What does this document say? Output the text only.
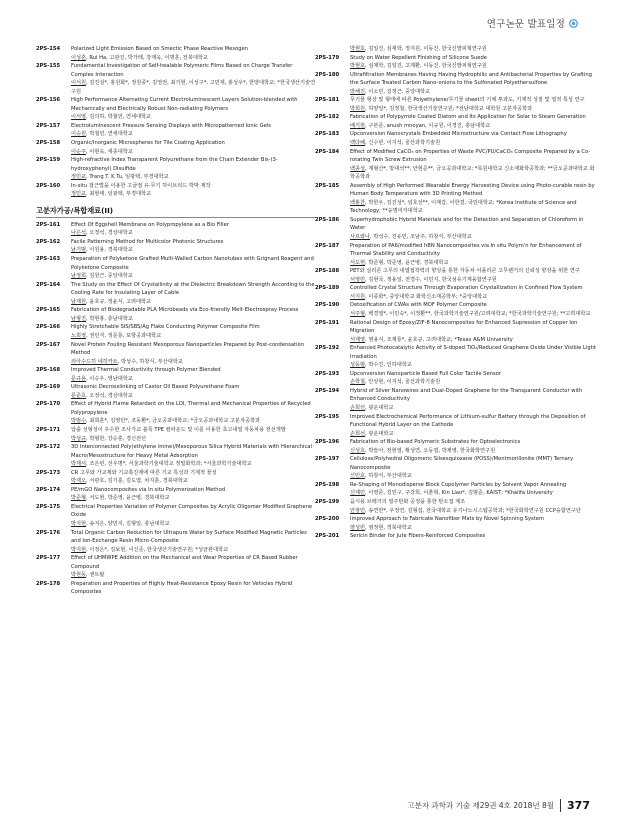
연구논문 발표일정
2PS-154	Polarized Light Emission Based on Smectic Phase Reactive Mesogen
이성훈, Rui Ha, 고관진, 박가레, 강재욱, 이명훈, 전북대학교
2PS-155	Fundamental Investigation of Self-healable Polymeric Films Based on Charge Transfer Complex Interaction
이서원, 김진실*, 홍원화*, 정원종*, 김영권, 최기현, 이성구*, 고민재, 홍성우*, 한양대학교; *한국생산기술연구원
2PS-156	High Performance Alternating Current Electroluminescent Layers Solution-blended with Mechanically and Electrically Robust Non-radiating Polymers
이서영, 김의하, 박철민, 연세대학교
2PS-157	Electroluminescent Pressure Sensing Displays with Micropatterned Ionic Gels
이승원, 박철민, 연세대학교
2PS-158	Organic/Inorganic Microspheres for Tile Coating Application
이순주, 이현욱, 세종대학교
2PS-159	High-refractive Index Transparent Polyurethane from the Chain Extender Bis-(3-hydroxyphenyl) Disulfide
정민교, Trang T. K Tu, 임광택, 부경대학교
2PS-160	In-situ 접근법을 이용한 고굴절 유·무기 하이브리드 박막 제작
정민교, 최현태, 임광택, 부경대학교
고분자가공/복합재료(II)
2PS-161	Effect Of Eggshell Membrane on Polypropylene as a Bio Filler
나은석, 오정석, 경상대학교
2PS-162	Facile Patterning Method for Multicolor Photonic Structures
남기범, 이원용, 경북대학교
2PS-163	Preparation of Polyketone Grafted Multi-Walled Carbon Nanotubes with Grignard Reagent and Polyketone Composite
남정희, 김원근, 중앙대학교
2PS-164	The Study on the Effect Of Crystallinity at the Dielectric Breakdown Strength According to the Cooling Rate for Insulating Layer of Cable
남재원, 윤호규, 정윤식, 고려대학교
2PS-165	Fabrication of Biodegradable PLA Microbeads via Eco-friendly Melt-Electrospray Process
남형진, 박현홍, 충남대학교
2PS-166	Highly Stretchable SIS/SBS/Ag Flake Conducting Polymer Composite Film
노희정, 권민식, 정문룡, 포항공과대학교
2PS-167	Novel Protein Fouling Resistant Mesoporous Nanoparticles Prepared by Post-condensation Method
리아수드히 네히카트, 박성수, 하창식, 부산대학교
2PS-168	Improved Thermal Conductivity through Polymer Blended
문규용, 이승우, 영남대학교
2PS-169	Ultrasonic Decrosslinking of Castor Oil Based Polyurethane Foam
문준호, 오정석, 경상대학교
2PS-170	Effect of Hybrid Flame Retardant on the LOI, Thermal and Mechanical Properties of Recycled Polypropylene
박범수, 최희훈*, 김영민*, 조동환*, 금오공과대학교; *금오공과대학교 고분자공학과
2PS-171	압출 성형성이 우수한 조사가교 블록 TPE 컴파운드 및 이를 이용한 초고내열 자동차용 전선개발
박성규, 박형한, 강승훈, 경신전선
2PS-172	3D Interconnected Poly(ethylene imine)/Mesoporous Silica Hybrid Materials with Hierarchical Macro/Mesostructure for Heavy Metal Adsorption
박재서, 조은빈, 선우명*, 서울과학기술대학교 정밀화학과; *서울과학기술대학교
2PS-173	CR 고무와 가교제와 기교촉진제에 따른 기교 특성과 기계적 물성
박재오, 서관호, 김기훈, 김도엽, 차지훈, 경북대학교
2PS-174	PE/mGO Nanocomposites via In situ Polymerization Method
박준형, 서도현, 박준영, 윤근병, 경북대학교
2PS-175	Electrical Properties Variation of Polymer Composites by Acrylic Oligomer Modified Graphene Oxide
박지현, 송지은, 양민지, 김형일, 충남대학교
2PS-176	Total Organic Carbon Reduction for Ultrapure Water by Surface Modified Magnetic Particles and Ion-Exchange Resin Micro-Composite
박지현, 이정은*, 김보현, 이신준, 한국생산기술연구원; *성균관대학교
2PS-177	Effect of UHMWPE Addition on the Mechanical and Wear Properties of CR Based Rubber Compound
박현동, 센트랄
2PS-178	Preparation and Properties of Highly Heat-Resistance Epoxy Resin for Vehicles Hybrid Composites
박현호, 김일진, 심재학, 정지원, 이동진, 한국신발피혁연구원
2PS-179	Study on Water Repellent Finishing of Silicone Suede
박현호, 심재학, 김일진, 고재환, 이동진, 한국신발피혁연구원
2PS-180	Ultrafiltration Membranes Having Having Hydrophilic and Antibacterial Properties by Grafting the Surface Treated Carbon Nano-onions to the Sulfonated Polyethersulfone
박해진, 이소민, 김정근, 중앙대학교
2PS-181	무기물 형상 및 형태에 따른 Polyethylene/무기물 sheet의 기체 투과도, 기계적 성질 및 열적 특성 연구
박희원, 허양일*, 김정철, 한국생산기술연구원; *전남대학교 대학원 고분자공학과
2PS-182	Fabrication of Polypyrrole Coated Diatom and Its Application for Solar to Steam Generation
배기현, 구본준, anush mnoyan, 이규원, 이경진, 충남대학교
2PS-183	Upconversion Nanocrystals Embedded Microstructure via Contact Flow Lithography
백다혜, 신수빈, 이지석, 울산과학기술원
2PS-184	Effect of Modified CaCO₃ on Properties of Waste PVC/PU/CaCO₃ Composite Prepared by a Co-rotating Twin Screw Extrusion
백종성, 계형산*, 방대석**, 안현준**, 금오공과대학교; *목원대학교 신소재화학공학과; **금오공과대학교 화학공학과
2PS-185	Assembly of High Performed Wearable Energy Harvesting Device using Photo-curable resin by Human Body Temperature with 3D Printing Method
백홍찬, 박한우, 김진성*, 임호선**, 이재갑, 이한결, 국민대학교; *Korea Institute of Science and Technology; **숭명여자대학교
2PS-186	Superhydrophobic Hybrid Materials and for the Detection and Separation of Chloroform in Water
사르와나, 박성수, 진유민, 조남주, 하창식, 부산대학교
2PS-187	Preparation of PA6/modified hBN Nanocomposites via In situ Polym'n for Enhancement of Thermal Stability and Conductivity
서도현, 박준형, 박준영, 윤근병, 경북대학교
2PS-188	PET와 실리콘 고무의 내열접착력의 향상을 통한 자동차 어플리콘 고무렌거의 신뢰성 향상을 위한 연구
서영민, 김현국, 정용일, 전경수, 이민지, 한국섬유기계융합연구원
2PS-189	Controlled Crystal Structure Through Evaporation Crystallization in Confined Flow System
서지원, 이종화*, 중앙대학교 화학신소재공학부; *중앙대학교
2PS-190	Detoxification of CWAs with MOF Polymer Composite
서주형, 백경열*, 이민숙*, 이정환**, 한국과학기술연구원/고려대학교; *한국과학기술연구원; **고려대학교
2PS-191	Rational Design of Epoxy/ZIF-8 Nanocomposites for Enhanced Supression of Copper Ion Migration
서재영, 염용식, 조제룡*, 윤호규, 고려대학교; *Texas A&M University
2PS-192	Enhanced Photocatalytic Activity of S-doped TiO₂/Reduced Graphene Oxide Under Visible Light Irradiation
성동범, 박수진, 인하대학교
2PS-193	Upconversion Nanoparticle Based Full Color Tactile Sensor
손학철, 안상현, 이지석, 울산과학기술원
2PS-194	Hybrid of Silver Nanowires and Dual-Doped Graphene for the Transparent Conductor with Enhanced Conductivity
손희선, 광운대학교
2PS-195	Improved Electrochemical Performance of Lithium-sulfur Battery through the Deposition of Functional Hybrid Layer on the Cathode
손희선, 광운대학교
2PS-196	Fabrication of Bio-based Polymeric Substrates for Optoelectronics
신성호, 박슬아, 전현열, 황성연, 오동엽, 박제영, 한국화학연구원
2PS-197	Cellulose/Polyhedral Oligomeric Silsesquioxane (POSS)/Montmorillonite (MMT) Ternary Nanocomposite
신민호, 하창식, 부산대학교
2PS-198	Re-Shaping of Monodisperse Block Copolymer Particles by Solvent Vapor Annealing
신재민, 이영준, 김민구, 구강희, 이춘혁, Kin Liao*, 김범준, KAIST; *Khalifa University
2PS-199	음시용 브레기의 열주탄화 공정을 통한 탄소접 제조
안창민, 송연만*, 우정연, 김형섭, 전국대학교 유기나노시스템공학과; *한국화학연구원 CCP융합연구단
2PS-200	Improved Approach to Fabricate Nanofiber Mats by Novel Spinning System
양성빈, 염정현, 경북대학교
2PS-201	Sericin Binder for Jute Fibers-Reinforced Composites
고분자 과학과 기술 제29권 4호 2018년 8월	377
